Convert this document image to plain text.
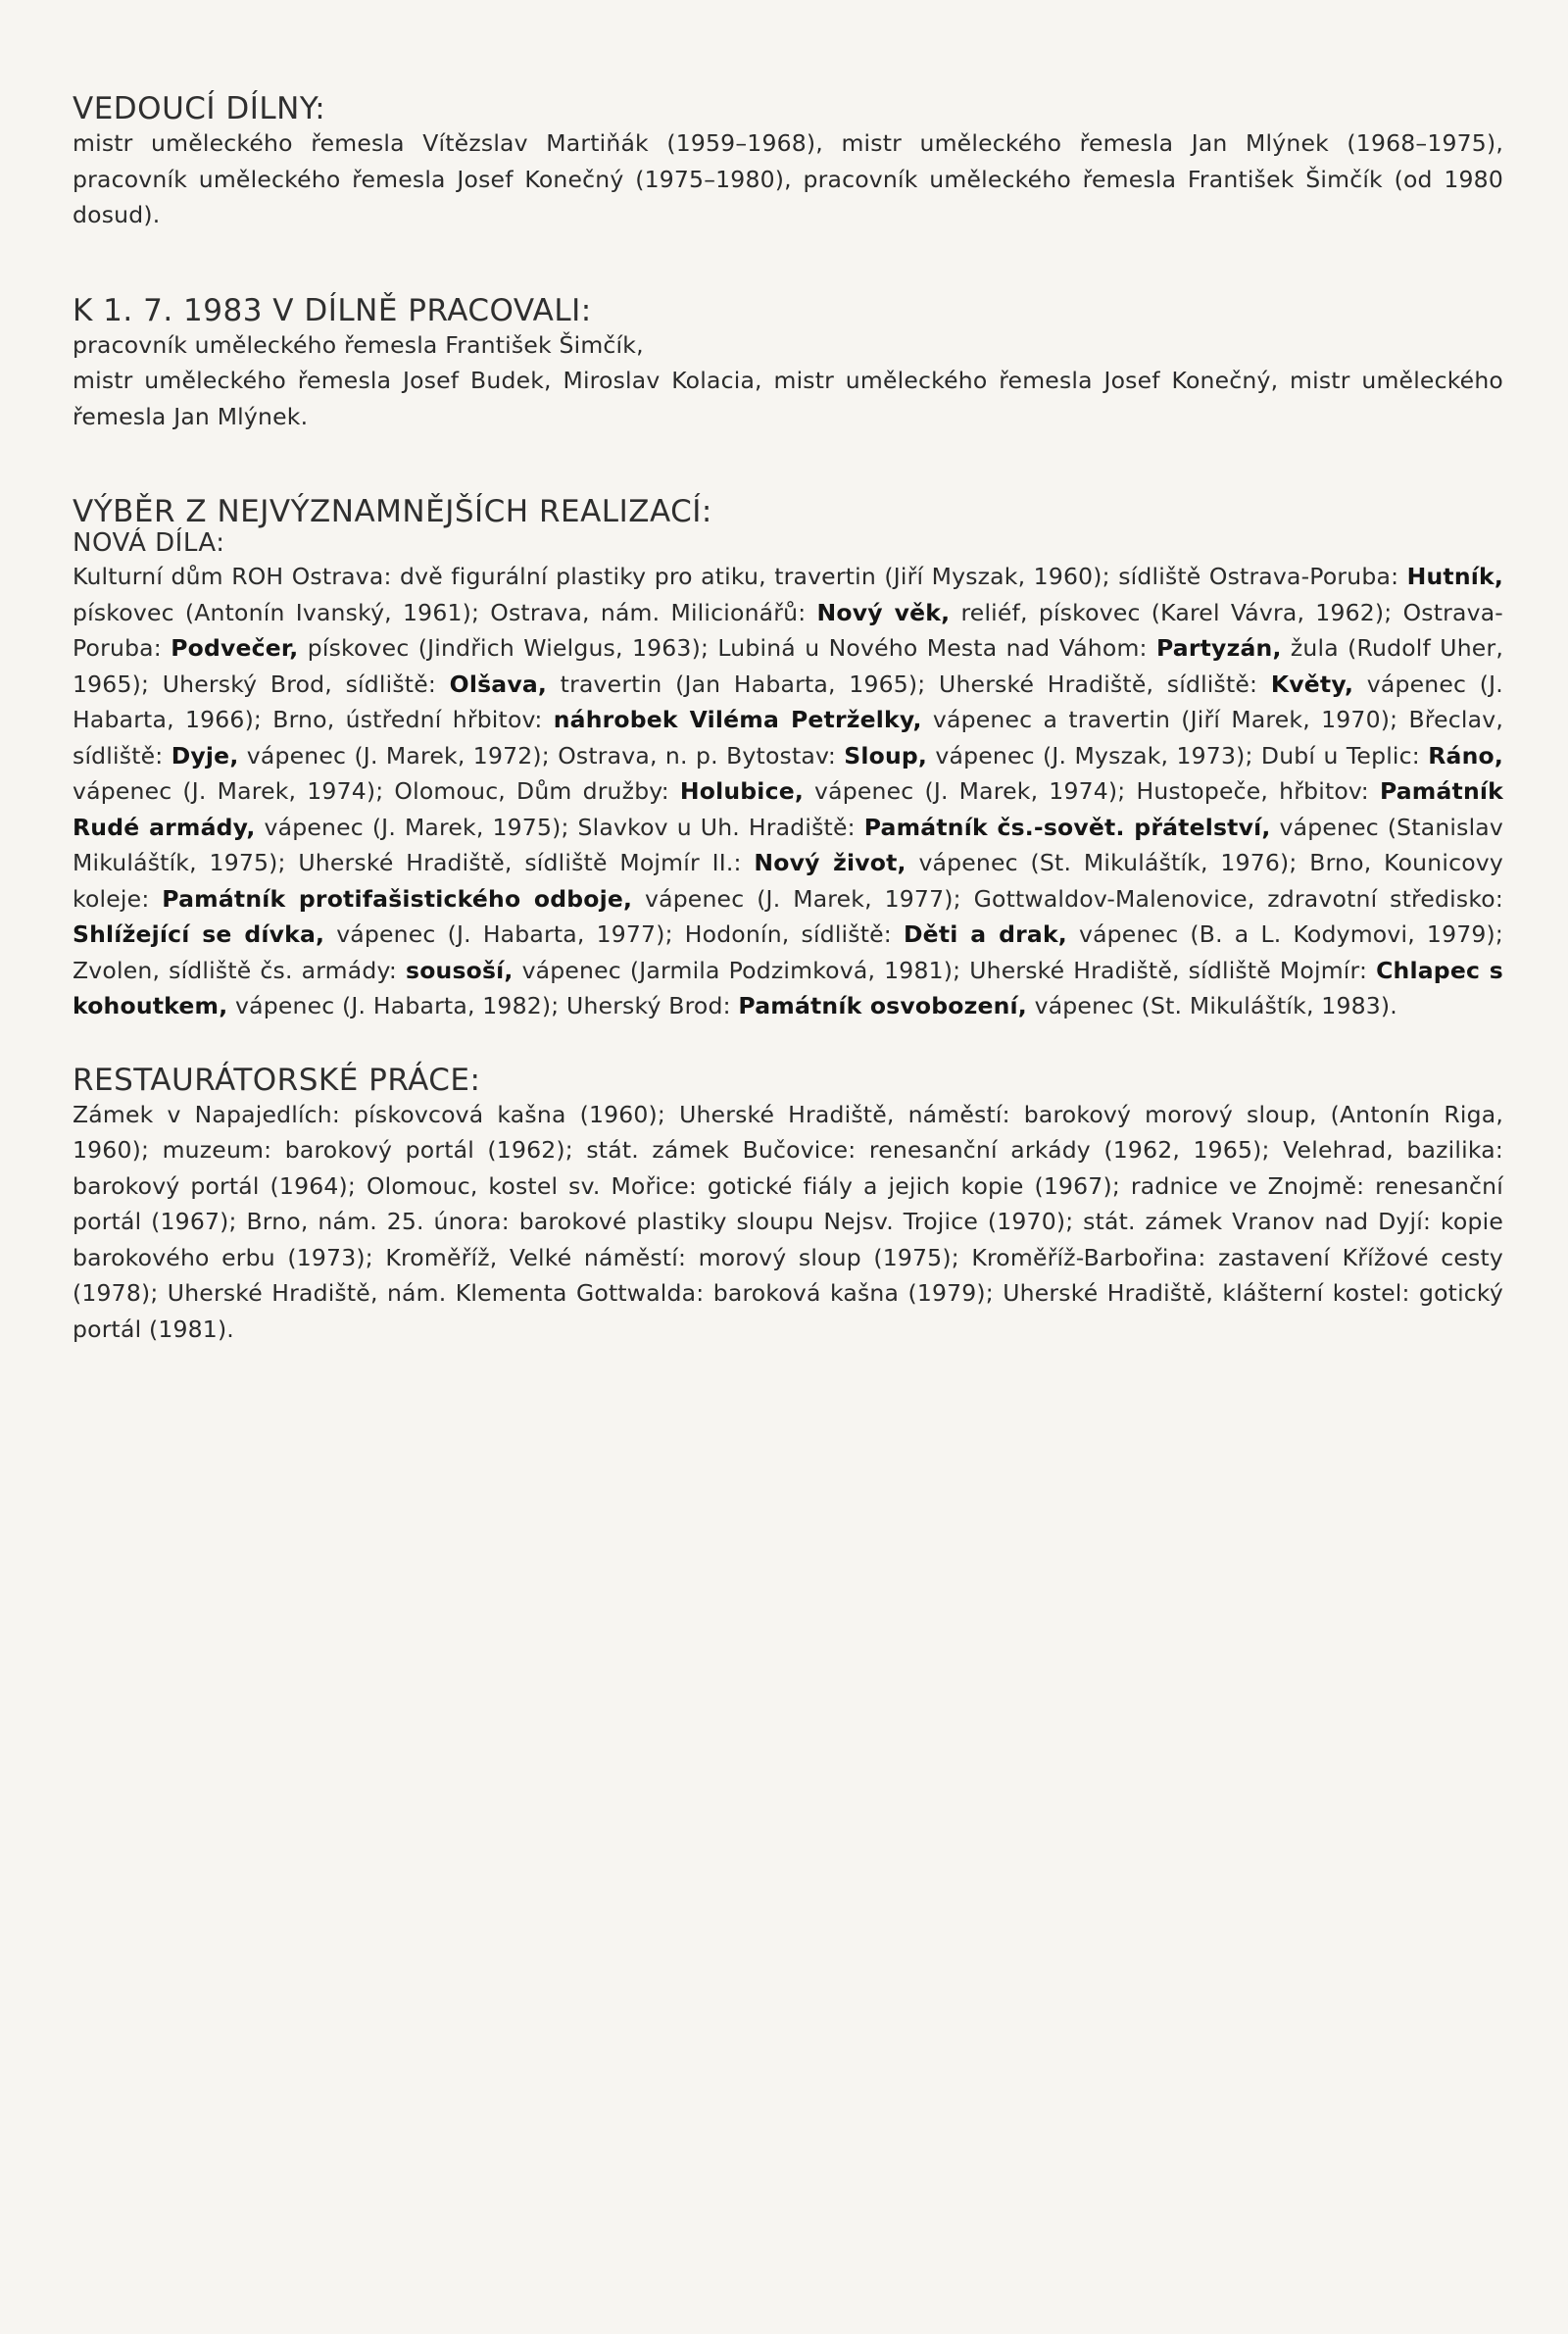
VEDOUCÍ DÍLNY:

mistr uměleckého řemesla Vítězslav Martiňák (1959–1968), mistr uměleckého řemesla Jan Mlýnek (1968–1975), pracovník uměleckého řemesla Josef Konečný (1975–1980), pracovník uměleckého řemesla František Šimčík (od 1980 dosud).

K 1. 7. 1983 V DÍLNĚ PRACOVALI:

pracovník uměleckého řemesla František Šimčík,

mistr uměleckého řemesla Josef Budek, Miroslav Kolacia, mistr uměleckého řemesla Josef Konečný, mistr uměleckého řemesla Jan Mlýnek.

VÝBĚR Z NEJVÝZNAMNĚJŠÍCH REALIZACÍ:
NOVÁ DÍLA:

Kulturní dům ROH Ostrava: dvě figurální plastiky pro atiku, travertin (Jiří Myszak, 1960); sídliště Ostrava-Poruba: Hutník, pískovec (Antonín Ivanský, 1961); Ostrava, nám. Milicionářů: Nový věk, reliéf, pískovec (Karel Vávra, 1962); Ostrava-Poruba: Podvečer, pískovec (Jindřich Wielgus, 1963); Lubiná u Nového Mesta nad Váhom: Partyzán, žula (Rudolf Uher, 1965); Uherský Brod, sídliště: Olšava, travertin (Jan Habarta, 1965); Uherské Hradiště, sídliště: Květy, vápenec (J. Habarta, 1966); Brno, ústřední hřbitov: náhrobek Viléma Petrželky, vápenec a travertin (Jiří Marek, 1970); Břeclav, sídliště: Dyje, vápenec (J. Marek, 1972); Ostrava, n. p. Bytostav: Sloup, vápenec (J. Myszak, 1973); Dubí u Teplic: Ráno, vápenec (J. Marek, 1974); Olomouc, Dům družby: Holubice, vápenec (J. Marek, 1974); Hustopeče, hřbitov: Památník Rudé armády, vápenec (J. Marek, 1975); Slavkov u Uh. Hradiště: Památník čs.-sovět. přátelství, vápenec (Stanislav Mikuláštík, 1975); Uherské Hradiště, sídliště Mojmír II.: Nový život, vápenec (St. Mikuláštík, 1976); Brno, Kounicovy koleje: Památník protifašistického odboje, vápenec (J. Marek, 1977); Gottwaldov-Malenovice, zdravotní středisko: Shlížející se dívka, vápenec (J. Habarta, 1977); Hodonín, sídliště: Děti a drak, vápenec (B. a L. Kodymovi, 1979); Zvolen, sídliště čs. armády: sousoší, vápenec (Jarmila Podzimková, 1981); Uherské Hradiště, sídliště Mojmír: Chlapec s kohoutkem, vápenec (J. Habarta, 1982); Uherský Brod: Památník osvobození, vápenec (St. Mikuláštík, 1983).

RESTAURÁTORSKÉ PRÁCE:

Zámek v Napajedlích: pískovcová kašna (1960); Uherské Hradiště, náměstí: barokový morový sloup, (Antonín Riga, 1960); muzeum: barokový portál (1962); stát. zámek Bučovice: renesanční arkády (1962, 1965); Velehrad, bazilika: barokový portál (1964); Olomouc, kostel sv. Mořice: gotické fiály a jejich kopie (1967); radnice ve Znojmě: renesanční portál (1967); Brno, nám. 25. února: barokové plastiky sloupu Nejsv. Trojice (1970); stát. zámek Vranov nad Dyjí: kopie barokového erbu (1973); Kroměříž, Velké náměstí: morový sloup (1975); Kroměříž-Barbořina: zastavení Křížové cesty (1978); Uherské Hradiště, nám. Klementa Gottwalda: baroková kašna (1979); Uherské Hradiště, klášterní kostel: gotický portál (1981).
